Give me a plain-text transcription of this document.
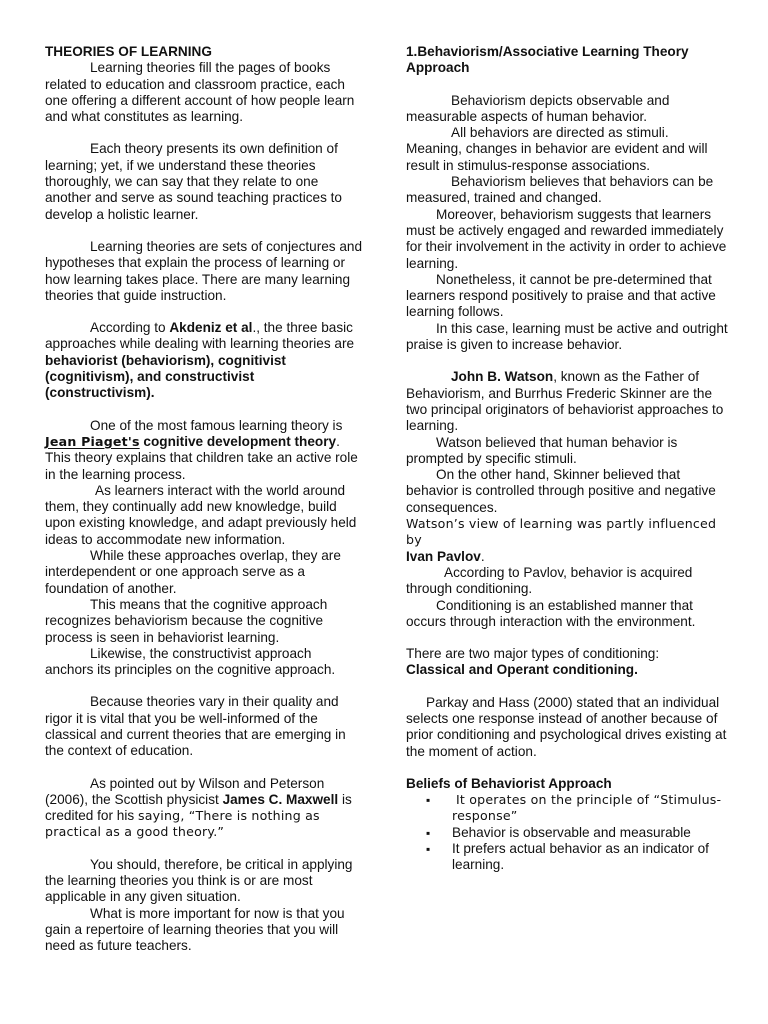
THEORIES OF LEARNING

Learning theories fill the pages of books related to education and classroom practice, each one offering a different account of how people learn and what constitutes as learning.

Each theory presents its own definition of learning; yet, if we understand these theories thoroughly, we can say that they relate to one another and serve as sound teaching practices to develop a holistic learner.

Learning theories are sets of conjectures and hypotheses that explain the process of learning or how learning takes place. There are many learning theories that guide instruction.

According to Akdeniz et al., the three basic approaches while dealing with learning theories are behaviorist (behaviorism), cognitivist (cognitivism), and constructivist (constructivism).

One of the most famous learning theory is Jean Piaget's cognitive development theory. This theory explains that children take an active role in the learning process.

As learners interact with the world around them, they continually add new knowledge, build upon existing knowledge, and adapt previously held ideas to accommodate new information.

While these approaches overlap, they are interdependent or one approach serve as a foundation of another.

This means that the cognitive approach recognizes behaviorism because the cognitive process is seen in behaviorist learning.

Likewise, the constructivist approach anchors its principles on the cognitive approach.

Because theories vary in their quality and rigor it is vital that you be well-informed of the classical and current theories that are emerging in the context of education.

As pointed out by Wilson and Peterson (2006), the Scottish physicist James C. Maxwell is credited for his saying, “There is nothing as practical as a good theory.”

You should, therefore, be critical in applying the learning theories you think is or are most applicable in any given situation.

What is more important for now is that you gain a repertoire of learning theories that you will need as future teachers.

1.Behaviorism/Associative Learning Theory Approach

Behaviorism depicts observable and measurable aspects of human behavior.

All behaviors are directed as stimuli. Meaning, changes in behavior are evident and will result in stimulus-response associations.

Behaviorism believes that behaviors can be measured, trained and changed.

Moreover, behaviorism suggests that learners must be actively engaged and rewarded immediately for their involvement in the activity in order to achieve learning.

Nonetheless, it cannot be pre-determined that learners respond positively to praise and that active learning follows.

In this case, learning must be active and outright praise is given to increase behavior.

John B. Watson, known as the Father of Behaviorism, and Burrhus Frederic Skinner are the two principal originators of behaviorist approaches to learning.

Watson believed that human behavior is prompted by specific stimuli.

On the other hand, Skinner believed that behavior is controlled through positive and negative consequences.

Watson’s view of learning was partly influenced by
Ivan Pavlov.

According to Pavlov, behavior is acquired through conditioning.

Conditioning is an established manner that occurs through interaction with the environment.

There are two major types of conditioning:
Classical and Operant conditioning.

Parkay and Hass (2000) stated that an individual selects one response instead of another because of prior conditioning and psychological drives existing at the moment of action.

Beliefs of Behaviorist Approach

▪ It operates on the principle of “Stimulus-response”
▪ Behavior is observable and measurable
▪ It prefers actual behavior as an indicator of learning.
